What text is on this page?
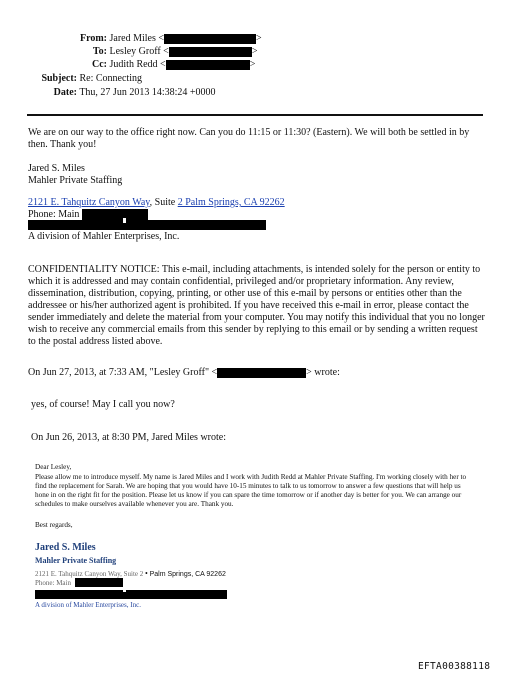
From: Jared Miles <	>
To: Lesley Groff <	>
Cc: Judith Redd <	>
Subject: Re: Connecting
Date: Thu, 27 Jun 2013 14:38:24 +0000
We are on our way to the office right now. Can you do 11:15 or 11:30? (Eastern). We will both be settled in by then. Thank you!
Jared S. Miles
Mahler Private Staffing
2121 E. Tahquitz Canyon Way, Suite 2 Palm Springs, CA 92262
Phone: Main
A division of Mahler Enterprises, Inc.
CONFIDENTIALITY NOTICE: This e-mail, including attachments, is intended solely for the person or entity to which it is addressed and may contain confidential, privileged and/or proprietary information. Any review, dissemination, distribution, copying, printing, or other use of this e-mail by persons or entities other than the addressee or his/her authorized agent is prohibited. If you have received this e-mail in error, please contact the sender immediately and delete the material from your computer. You may notify this individual that you no longer wish to receive any commercial emails from this sender by replying to this email or by sending a written request to the postal address listed above.
On Jun 27, 2013, at 7:33 AM, "Lesley Groff" <	> wrote:
yes, of course! May I call you now?
On Jun 26, 2013, at 8:30 PM, Jared Miles wrote:
Dear Lesley,
Please allow me to introduce myself. My name is Jared Miles and I work with Judith Redd at Mahler Private Staffing. I'm working closely with her to find the replacement for Sarah. We are hoping that you would have 10-15 minutes to talk to us tomorrow to answer a few questions that will help us hone in on the right fit for the position. Please let us know if you can spare the time tomorrow or if another day is better for you. We can arrange our schedules to make ourselves available whenever you are. Thank you.
Best regards,
Jared S. Miles
Mahler Private Staffing
2121 E. Tahquitz Canyon Way, Suite 2 • Palm Springs, CA 92262
Phone: Main
A division of Mahler Enterprises, Inc.
EFTA00388118
